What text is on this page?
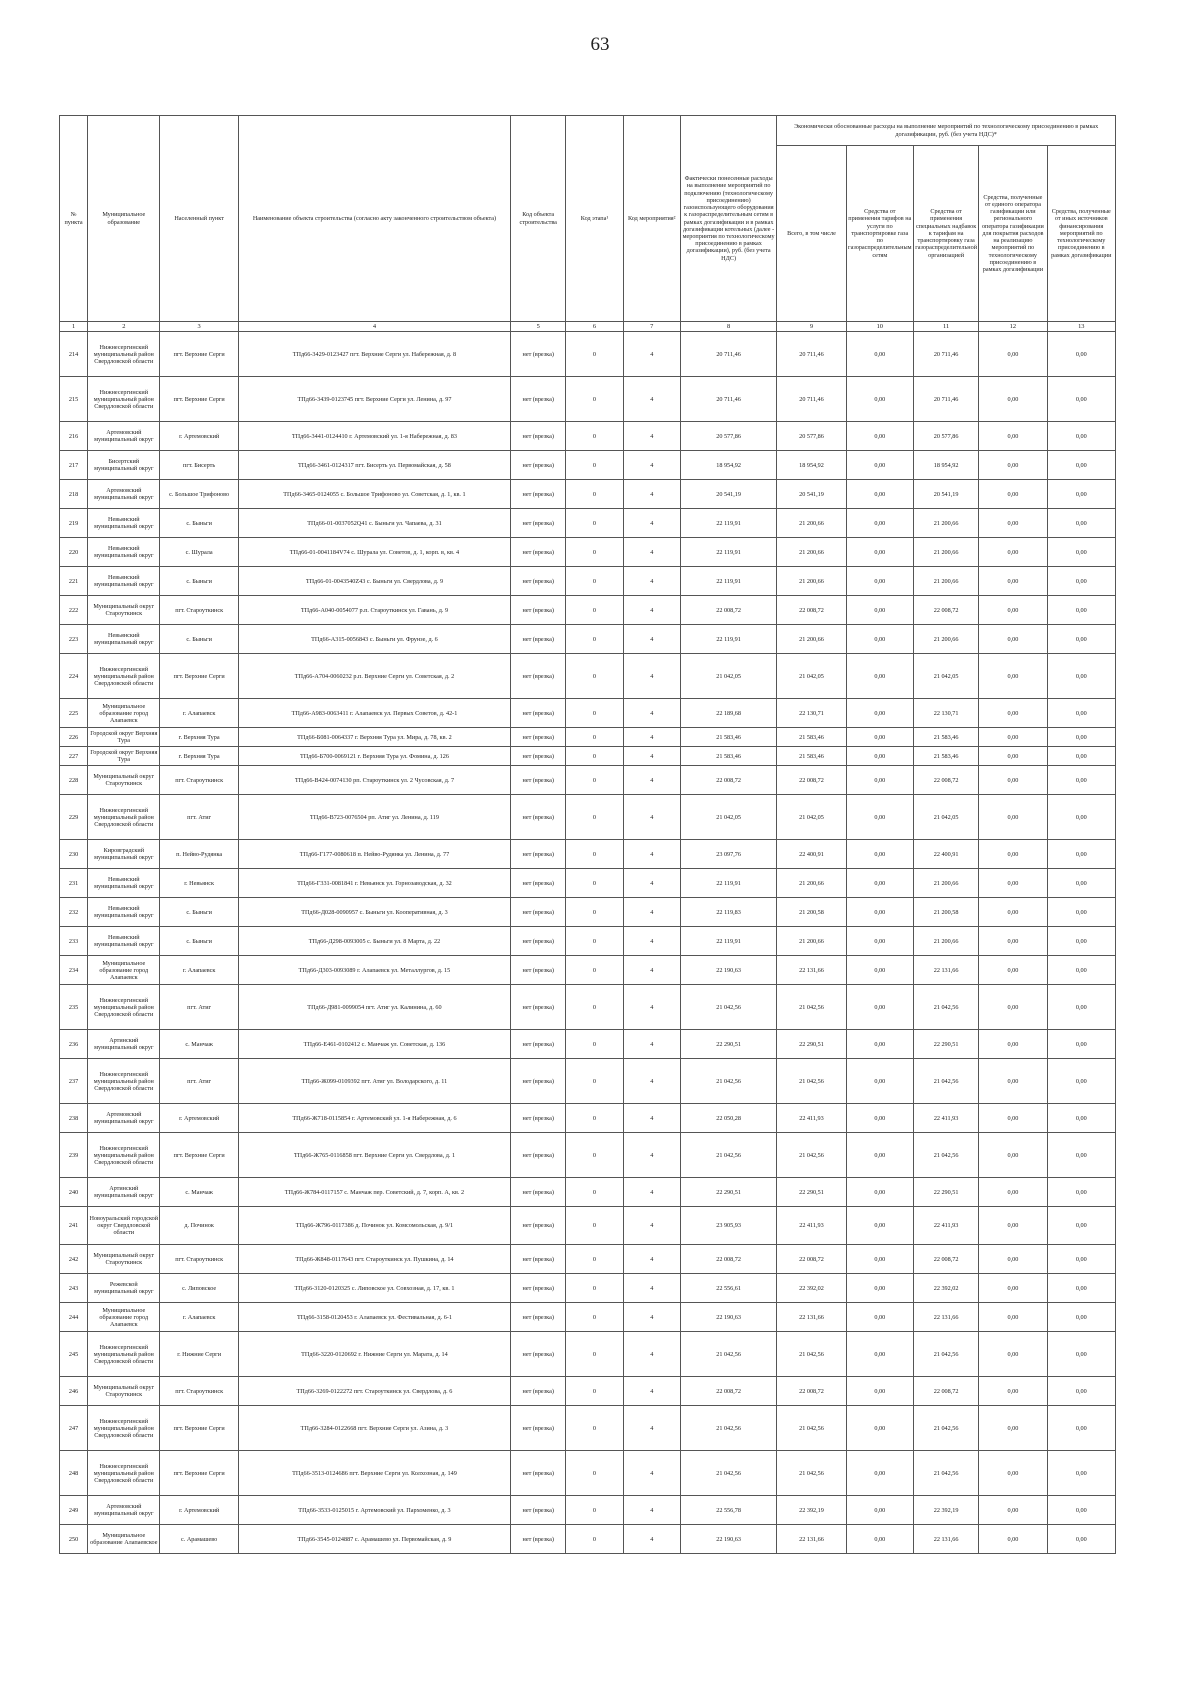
63
№ пункта	Муниципальное образование	Населенный пункт	Наименование объекта строительства (согласно акту законченного строительством объекта)	Код объекта строительства	Код этапа¹	Код мероприятия²	Фактически понесенные расходы на выполнение мероприятий по подключению (технологическому присоединению) газоиспользующего оборудования к газораспределительным сетям в рамках догазификации и в рамках догазификации котельных (далее - мероприятия по технологическому присоединению в рамках догазификации), руб. (без учета НДС)	Экономически обоснованные расходы на выполнение мероприятий по технологическому присоединению в рамках догазификации, руб. (без учета НДС)*				
								Всего, в том числе	Средства от применения тарифов на услуги по транспортировке газа по газораспределительным сетям	Средства от применения специальных надбавок к тарифам на транспортировку газа газораспределительной организацией	Средства, полученные от единого оператора газификации или регионального оператора газификации для покрытия расходов на реализацию мероприятий по технологическому присоединению в рамках догазификации	Средства, полученные от иных источников финансирования мероприятий по технологическому присоединению в рамках догазификации
1	2	3	4	5	6	7	8	9	10	11	12	13
214	Нижнесергинский муниципальный район Свердловской области	пгт. Верхние Серги	ТПд66-3429-0123427 пгт. Верхние Серги ул. Набережная, д. 8	нет (врезка)	0	4	20 711,46	20 711,46	0,00	20 711,46	0,00	0,00
215	Нижнесергинский муниципальный район Свердловской области	пгт. Верхние Серги	ТПд66-3439-0123745 пгт. Верхние Серги ул. Ленина, д. 97	нет (врезка)	0	4	20 711,46	20 711,46	0,00	20 711,46	0,00	0,00
216	Артемовский муниципальный округ	г. Артемовский	ТПд66-3441-0124410 г. Артемовский ул. 1-я Набережная, д. 83	нет (врезка)	0	4	20 577,86	20 577,86	0,00	20 577,86	0,00	0,00
217	Бисертский муниципальный округ	пгт. Бисерть	ТПд66-3461-0124317 пгт. Бисерть ул. Первомайская, д. 58	нет (врезка)	0	4	18 954,92	18 954,92	0,00	18 954,92	0,00	0,00
218	Артемовский муниципальный округ	с. Большое Трифоново	ТПд66-3465-0124055 с. Большое Трифоново ул. Советская, д. 1, кв. 1	нет (врезка)	0	4	20 541,19	20 541,19	0,00	20 541,19	0,00	0,00
219	Невьянский муниципальный округ	с. Быньги	ТПд66-01-0037052Q41 с. Быньги ул. Чапаева, д. 31	нет (врезка)	0	4	22 119,91	21 200,66	0,00	21 200,66	0,00	0,00
220	Невьянский муниципальный округ	с. Шурала	ТПд66-01-0041184V74 с. Шурала ул. Советов, д. 1, корп. в, кв. 4	нет (врезка)	0	4	22 119,91	21 200,66	0,00	21 200,66	0,00	0,00
221	Невьянский муниципальный округ	с. Быньги	ТПд66-01-0043540Z43 с. Быньги ул. Свердлова, д. 9	нет (врезка)	0	4	22 119,91	21 200,66	0,00	21 200,66	0,00	0,00
222	Муниципальный округ Староуткинск	пгт. Староуткинск	ТПд66-А040-0054077 р.п. Староуткинск ул. Гавань, д. 9	нет (врезка)	0	4	22 008,72	22 008,72	0,00	22 008,72	0,00	0,00
223	Невьянский муниципальный округ	с. Быньги	ТПд66-А315-0056843 с. Быньги ул. Фрунзе, д. 6	нет (врезка)	0	4	22 119,91	21 200,66	0,00	21 200,66	0,00	0,00
224	Нижнесергинский муниципальный район Свердловской области	пгт. Верхние Серги	ТПд66-А704-0060232 р.п. Верхние Серги ул. Советская, д. 2	нет (врезка)	0	4	21 042,05	21 042,05	0,00	21 042,05	0,00	0,00
225	Муниципальное образование город Алапаевск	г. Алапаевск	ТПд66-А983-0063411 г. Алапаевск ул. Первых Советов, д. 42-1	нет (врезка)	0	4	22 189,68	22 130,71	0,00	22 130,71	0,00	0,00
226	Городской округ Верхняя Тура	г. Верхняя Тура	ТПд66-Б081-0064337 г. Верхняя Тура ул. Мира, д. 78, кв. 2	нет (врезка)	0	4	21 583,46	21 583,46	0,00	21 583,46	0,00	0,00
227	Городской округ Верхняя Тура	г. Верхняя Тура	ТПд66-Б700-0069121 г. Верхняя Тура ул. Фомина, д. 126	нет (врезка)	0	4	21 583,46	21 583,46	0,00	21 583,46	0,00	0,00
228	Муниципальный округ Староуткинск	пгт. Староуткинск	ТПд66-В424-0074130 рп. Староуткинск ул. 2 Чусовская, д. 7	нет (врезка)	0	4	22 008,72	22 008,72	0,00	22 008,72	0,00	0,00
229	Нижнесергинский муниципальный район Свердловской области	пгт. Атиг	ТПд66-В723-0076504 рп. Атиг ул. Ленина, д. 119	нет (врезка)	0	4	21 042,05	21 042,05	0,00	21 042,05	0,00	0,00
230	Кировградский муниципальный округ	п. Нейво-Рудянка	ТПд66-Г177-0080618 п. Нейво-Рудянка ул. Ленина, д. 77	нет (врезка)	0	4	23 097,76	22 400,91	0,00	22 400,91	0,00	0,00
231	Невьянский муниципальный округ	г. Невьянск	ТПд66-Г331-0081841 г. Невьянск ул. Горнозаводская, д. 32	нет (врезка)	0	4	22 119,91	21 200,66	0,00	21 200,66	0,00	0,00
232	Невьянский муниципальный округ	с. Быньги	ТПд66-Д028-0090957 с. Быньги ул. Кооперативная, д. 3	нет (врезка)	0	4	22 119,83	21 200,58	0,00	21 200,58	0,00	0,00
233	Невьянский муниципальный округ	с. Быньги	ТПд66-Д298-0093005 с. Быньги ул. 8 Марта, д. 22	нет (врезка)	0	4	22 119,91	21 200,66	0,00	21 200,66	0,00	0,00
234	Муниципальное образование город Алапаевск	г. Алапаевск	ТПд66-Д303-0093089 г. Алапаевск ул. Металлургов, д. 15	нет (врезка)	0	4	22 190,63	22 131,66	0,00	22 131,66	0,00	0,00
235	Нижнесергинский муниципальный район Свердловской области	пгт. Атиг	ТПд66-Д981-0099054 пгт. Атиг ул. Калинина, д. 60	нет (врезка)	0	4	21 042,56	21 042,56	0,00	21 042,56	0,00	0,00
236	Артинский муниципальный округ	с. Манчаж	ТПд66-Е461-0102412 с. Манчаж ул. Советская, д. 136	нет (врезка)	0	4	22 290,51	22 290,51	0,00	22 290,51	0,00	0,00
237	Нижнесергинский муниципальный район Свердловской области	пгт. Атиг	ТПд66-Ж099-0109392 пгт. Атиг ул. Володарского, д. 11	нет (врезка)	0	4	21 042,56	21 042,56	0,00	21 042,56	0,00	0,00
238	Артемовский муниципальный округ	г. Артемовский	ТПд66-Ж718-0115854 г. Артемовский ул. 1-я Набережная, д. 6	нет (врезка)	0	4	22 050,28	22 411,93	0,00	22 411,93	0,00	0,00
239	Нижнесергинский муниципальный район Свердловской области	пгт. Верхние Серги	ТПд66-Ж765-0116858 пгт. Верхние Серги ул. Свердлова, д. 1	нет (врезка)	0	4	21 042,56	21 042,56	0,00	21 042,56	0,00	0,00
240	Артинский муниципальный округ	с. Манчаж	ТПд66-Ж784-0117157 с. Манчаж пер. Советский, д. 7, корп. А, кв. 2	нет (врезка)	0	4	22 290,51	22 290,51	0,00	22 290,51	0,00	0,00
241	Новоуральский городской округ Свердловской области	д. Починок	ТПд66-Ж796-0117386 д. Починок ул. Комсомольская, д. 9/1	нет (врезка)	0	4	23 905,93	22 411,93	0,00	22 411,93	0,00	0,00
242	Муниципальный округ Староуткинск	пгт. Староуткинск	ТПд66-Ж848-0117643 пгт. Староуткинск ул. Пушкина, д. 14	нет (врезка)	0	4	22 008,72	22 008,72	0,00	22 008,72	0,00	0,00
243	Режевской муниципальный округ	с. Липовское	ТПд66-3120-0120325 с. Липовское ул. Совхозная, д. 17, кв. 1	нет (врезка)	0	4	22 556,61	22 392,02	0,00	22 392,02	0,00	0,00
244	Муниципальное образование город Алапаевск	г. Алапаевск	ТПд66-3158-0120453 г. Алапаевск ул. Фестивальная, д. 6-1	нет (врезка)	0	4	22 190,63	22 131,66	0,00	22 131,66	0,00	0,00
245	Нижнесергинский муниципальный район Свердловской области	г. Нижние Серги	ТПд66-3220-0120692 г. Нижние Серги ул. Марата, д. 14	нет (врезка)	0	4	21 042,56	21 042,56	0,00	21 042,56	0,00	0,00
246	Муниципальный округ Староуткинск	пгт. Староуткинск	ТПд66-3269-0122272 пгт. Староуткинск ул. Свердлова, д. 6	нет (врезка)	0	4	22 008,72	22 008,72	0,00	22 008,72	0,00	0,00
247	Нижнесергинский муниципальный район Свердловской области	пгт. Верхние Серги	ТПд66-3284-0122668 пгт. Верхние Серги ул. Азина, д. 3	нет (врезка)	0	4	21 042,56	21 042,56	0,00	21 042,56	0,00	0,00
248	Нижнесергинский муниципальный район Свердловской области	пгт. Верхние Серги	ТПд66-3513-0124686 пгт. Верхние Серги ул. Колхозная, д. 149	нет (врезка)	0	4	21 042,56	21 042,56	0,00	21 042,56	0,00	0,00
249	Артемовский муниципальный округ	г. Артемовский	ТПд66-3533-0125015 г. Артемовский ул. Пархоменко, д. 3	нет (врезка)	0	4	22 556,78	22 392,19	0,00	22 392,19	0,00	0,00
250	Муниципальное образование Алапаевское	с. Арамашево	ТПд66-3545-0124887 с. Арамашево ул. Первомайская, д. 9	нет (врезка)	0	4	22 190,63	22 131,66	0,00	22 131,66	0,00	0,00
